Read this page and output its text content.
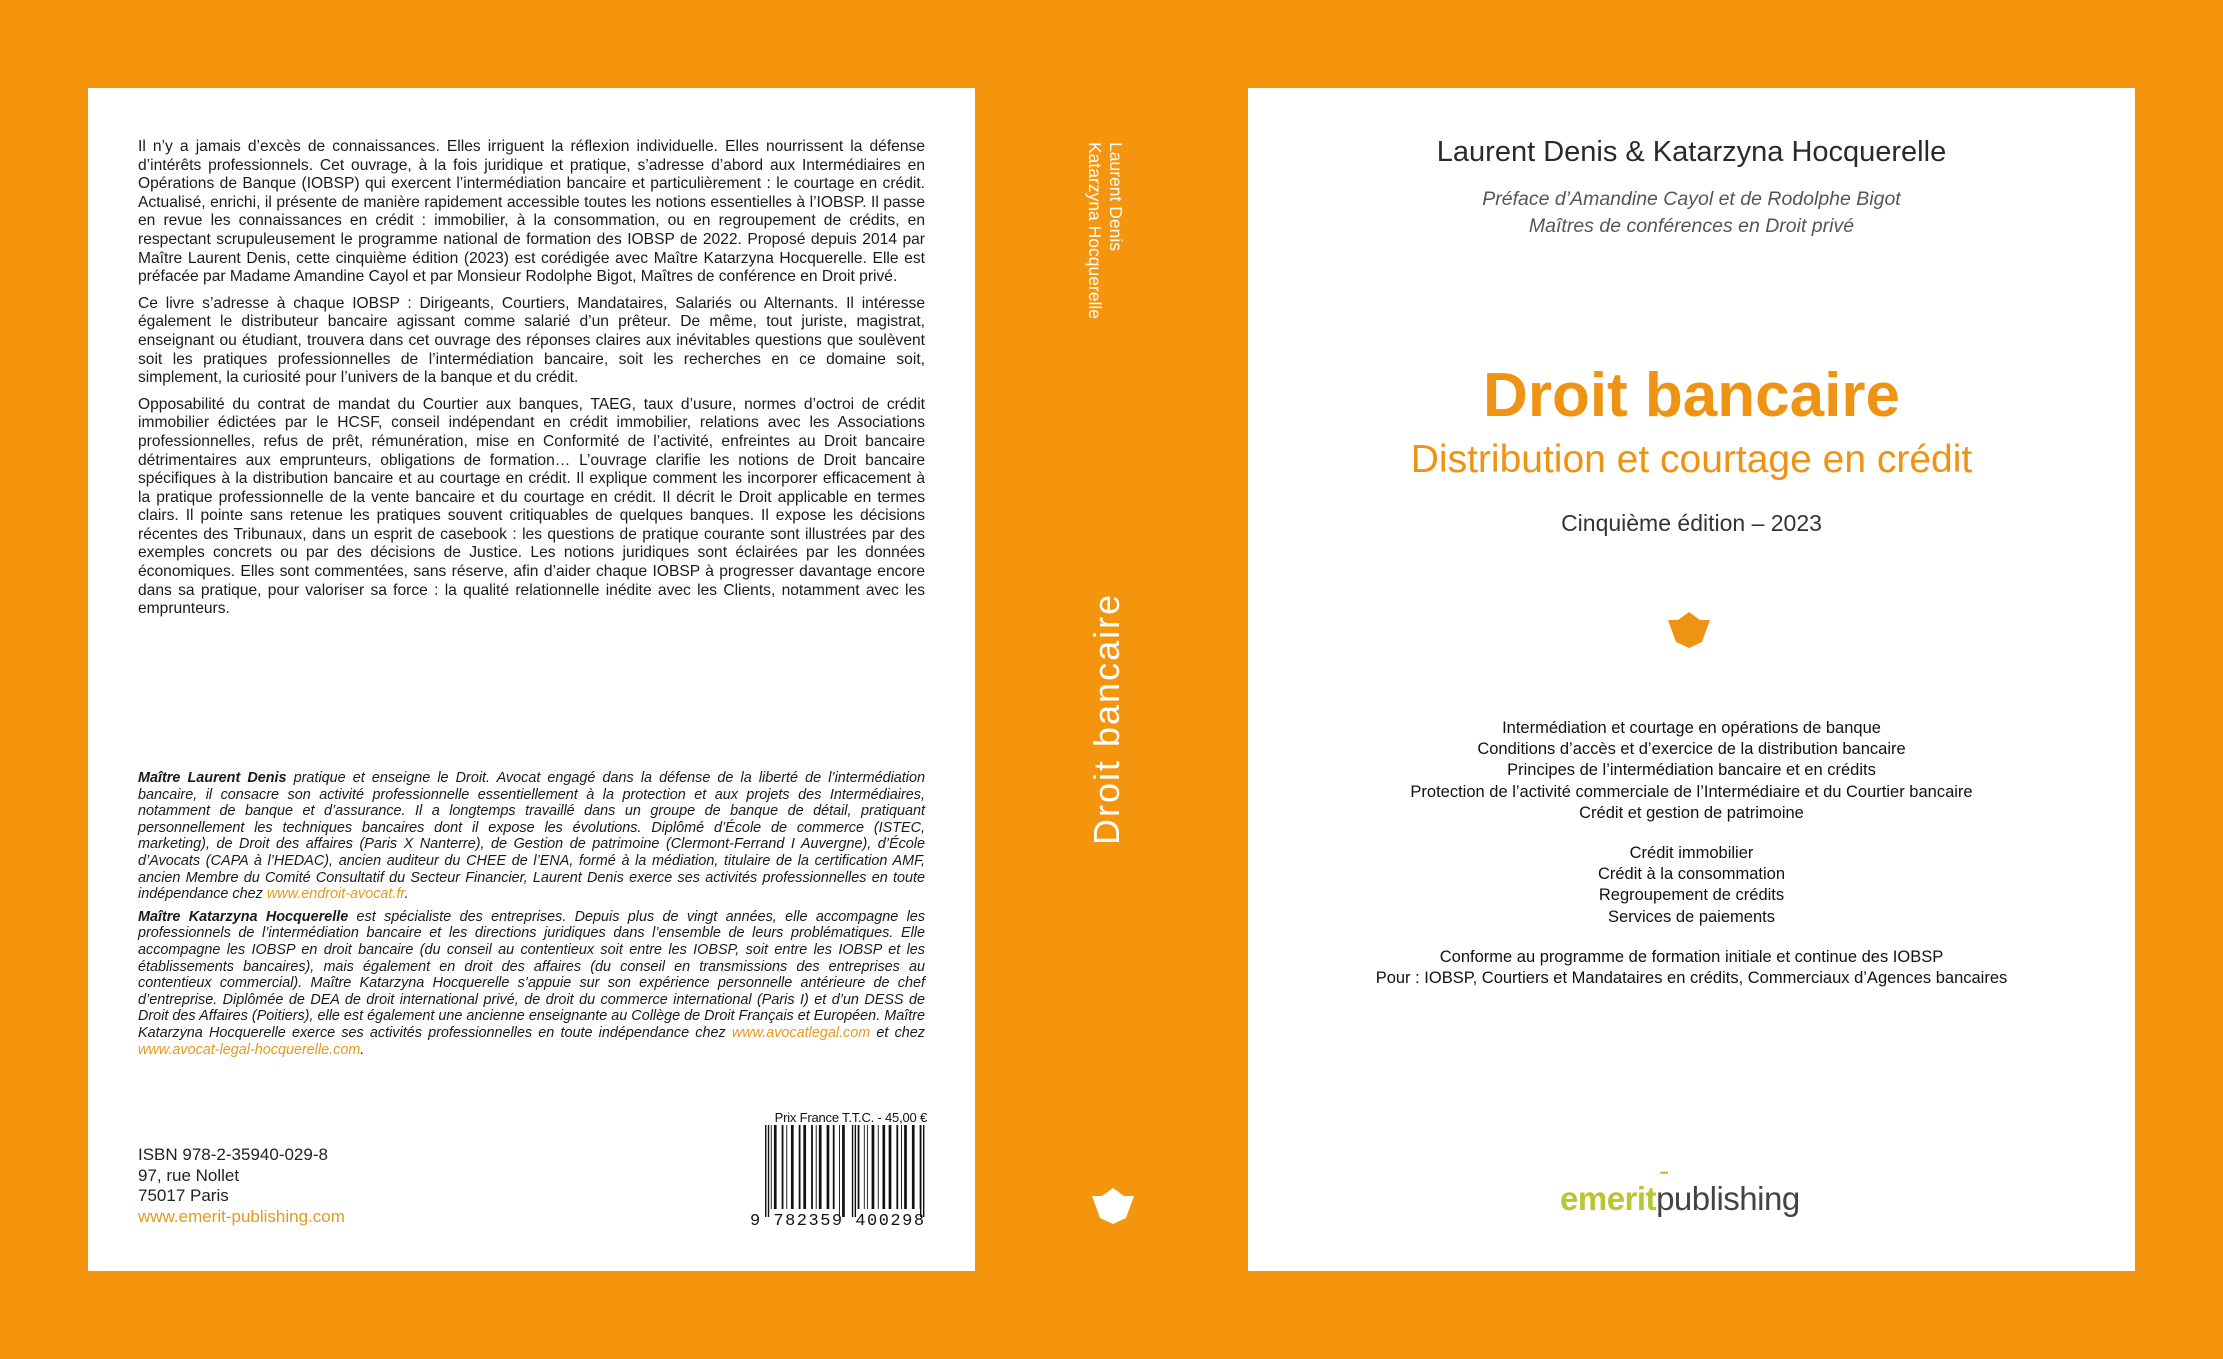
Il n’y a jamais d’excès de connaissances. Elles irriguent la réflexion individuelle. Elles nourrissent la défense d’intérêts professionnels. Cet ouvrage, à la fois juridique et pratique, s’adresse d’abord aux Intermédiaires en Opérations de Banque (IOBSP) qui exercent l’intermédiation bancaire et particulièrement : le courtage en crédit. Actualisé, enrichi, il présente de manière rapidement accessible toutes les notions essentielles à l’IOBSP. Il passe en revue les connaissances en crédit : immobilier, à la consommation, ou en regroupement de crédits, en respectant scrupuleusement le programme national de formation des IOBSP de 2022. Proposé depuis 2014 par Maître Laurent Denis, cette cinquième édition (2023) est corédigée avec Maître Katarzyna Hocquerelle. Elle est préfacée par Madame Amandine Cayol et par Monsieur Rodolphe Bigot, Maîtres de conférence en Droit privé.

Ce livre s’adresse à chaque IOBSP : Dirigeants, Courtiers, Mandataires, Salariés ou Alternants. Il intéresse également le distributeur bancaire agissant comme salarié d’un prêteur. De même, tout juriste, magistrat, enseignant ou étudiant, trouvera dans cet ouvrage des réponses claires aux inévitables questions que soulèvent soit les pratiques professionnelles de l’intermédiation bancaire, soit les recherches en ce domaine soit, simplement, la curiosité pour l’univers de la banque et du crédit.

Opposabilité du contrat de mandat du Courtier aux banques, TAEG, taux d’usure, normes d’octroi de crédit immobilier édictées par le HCSF, conseil indépendant en crédit immobilier, relations avec les Associations professionnelles, refus de prêt, rémunération, mise en Conformité de l’activité, enfreintes au Droit bancaire détrimentaires aux emprunteurs, obligations de formation… L’ouvrage clarifie les notions de Droit bancaire spécifiques à la distribution bancaire et au courtage en crédit. Il explique comment les incorporer efficacement à la pratique professionnelle de la vente bancaire et du courtage en crédit. Il décrit le Droit applicable en termes clairs. Il pointe sans retenue les pratiques souvent critiquables de quelques banques. Il expose les décisions récentes des Tribunaux, dans un esprit de casebook : les questions de pratique courante sont illustrées par des exemples concrets ou par des décisions de Justice. Les notions juridiques sont éclairées par les données économiques. Elles sont commentées, sans réserve, afin d’aider chaque IOBSP à progresser davantage encore dans sa pratique, pour valoriser sa force : la qualité relationnelle inédite avec les Clients, notamment avec les emprunteurs.

Maître Laurent Denis pratique et enseigne le Droit. Avocat engagé dans la défense de la liberté de l’intermédiation bancaire, il consacre son activité professionnelle essentiellement à la protection et aux projets des Intermédiaires, notamment de banque et d’assurance. Il a longtemps travaillé dans un groupe de banque de détail, pratiquant personnellement les techniques bancaires dont il expose les évolutions. Diplômé d’École de commerce (ISTEC, marketing), de Droit des affaires (Paris X Nanterre), de Gestion de patrimoine (Clermont-Ferrand I Auvergne), d’École d’Avocats (CAPA à l’HEDAC), ancien auditeur du CHEE de l’ENA, formé à la médiation, titulaire de la certification AMF, ancien Membre du Comité Consultatif du Secteur Financier, Laurent Denis exerce ses activités professionnelles en toute indépendance chez www.endroit-avocat.fr.

Maître Katarzyna Hocquerelle est spécialiste des entreprises. Depuis plus de vingt années, elle accompagne les professionnels de l’intermédiation bancaire et les directions juridiques dans l’ensemble de leurs problématiques. Elle accompagne les IOBSP en droit bancaire (du conseil au contentieux soit entre les IOBSP, soit entre les IOBSP et les établissements bancaires), mais également en droit des affaires (du conseil en transmissions des entreprises au contentieux commercial). Maître Katarzyna Hocquerelle s’appuie sur son expérience personnelle antérieure de chef d’entreprise. Diplômée de DEA de droit international privé, de droit du commerce international (Paris I) et d’un DESS de Droit des Affaires (Poitiers), elle est également une ancienne enseignante au Collège de Droit Français et Européen. Maître Katarzyna Hocquerelle exerce ses activités professionnelles en toute indépendance chez www.avocatlegal.com et chez www.avocat-legal-hocquerelle.com.

ISBN 978-2-35940-029-8
97, rue Nollet
75017 Paris
www.emerit-publishing.com
Prix France T.T.C. - 45,00 €
9 782359 400298
Laurent Denis
Katarzyna Hocquerelle
Droit bancaire
Laurent Denis & Katarzyna Hocquerelle
Préface d’Amandine Cayol et de Rodolphe Bigot
Maîtres de conférences en Droit privé
Droit bancaire
Distribution et courtage en crédit
Cinquième édition – 2023
Intermédiation et courtage en opérations de banque
Conditions d’accès et d’exercice de la distribution bancaire
Principes de l’intermédiation bancaire et en crédits
Protection de l’activité commerciale de l’Intermédiaire et du Courtier bancaire
Crédit et gestion de patrimoine
Crédit immobilier
Crédit à la consommation
Regroupement de crédits
Services de paiements
Conforme au programme de formation initiale et continue des IOBSP
Pour : IOBSP, Courtiers et Mandataires en crédits, Commerciaux d’Agences bancaires
•••
emeritpublishing
